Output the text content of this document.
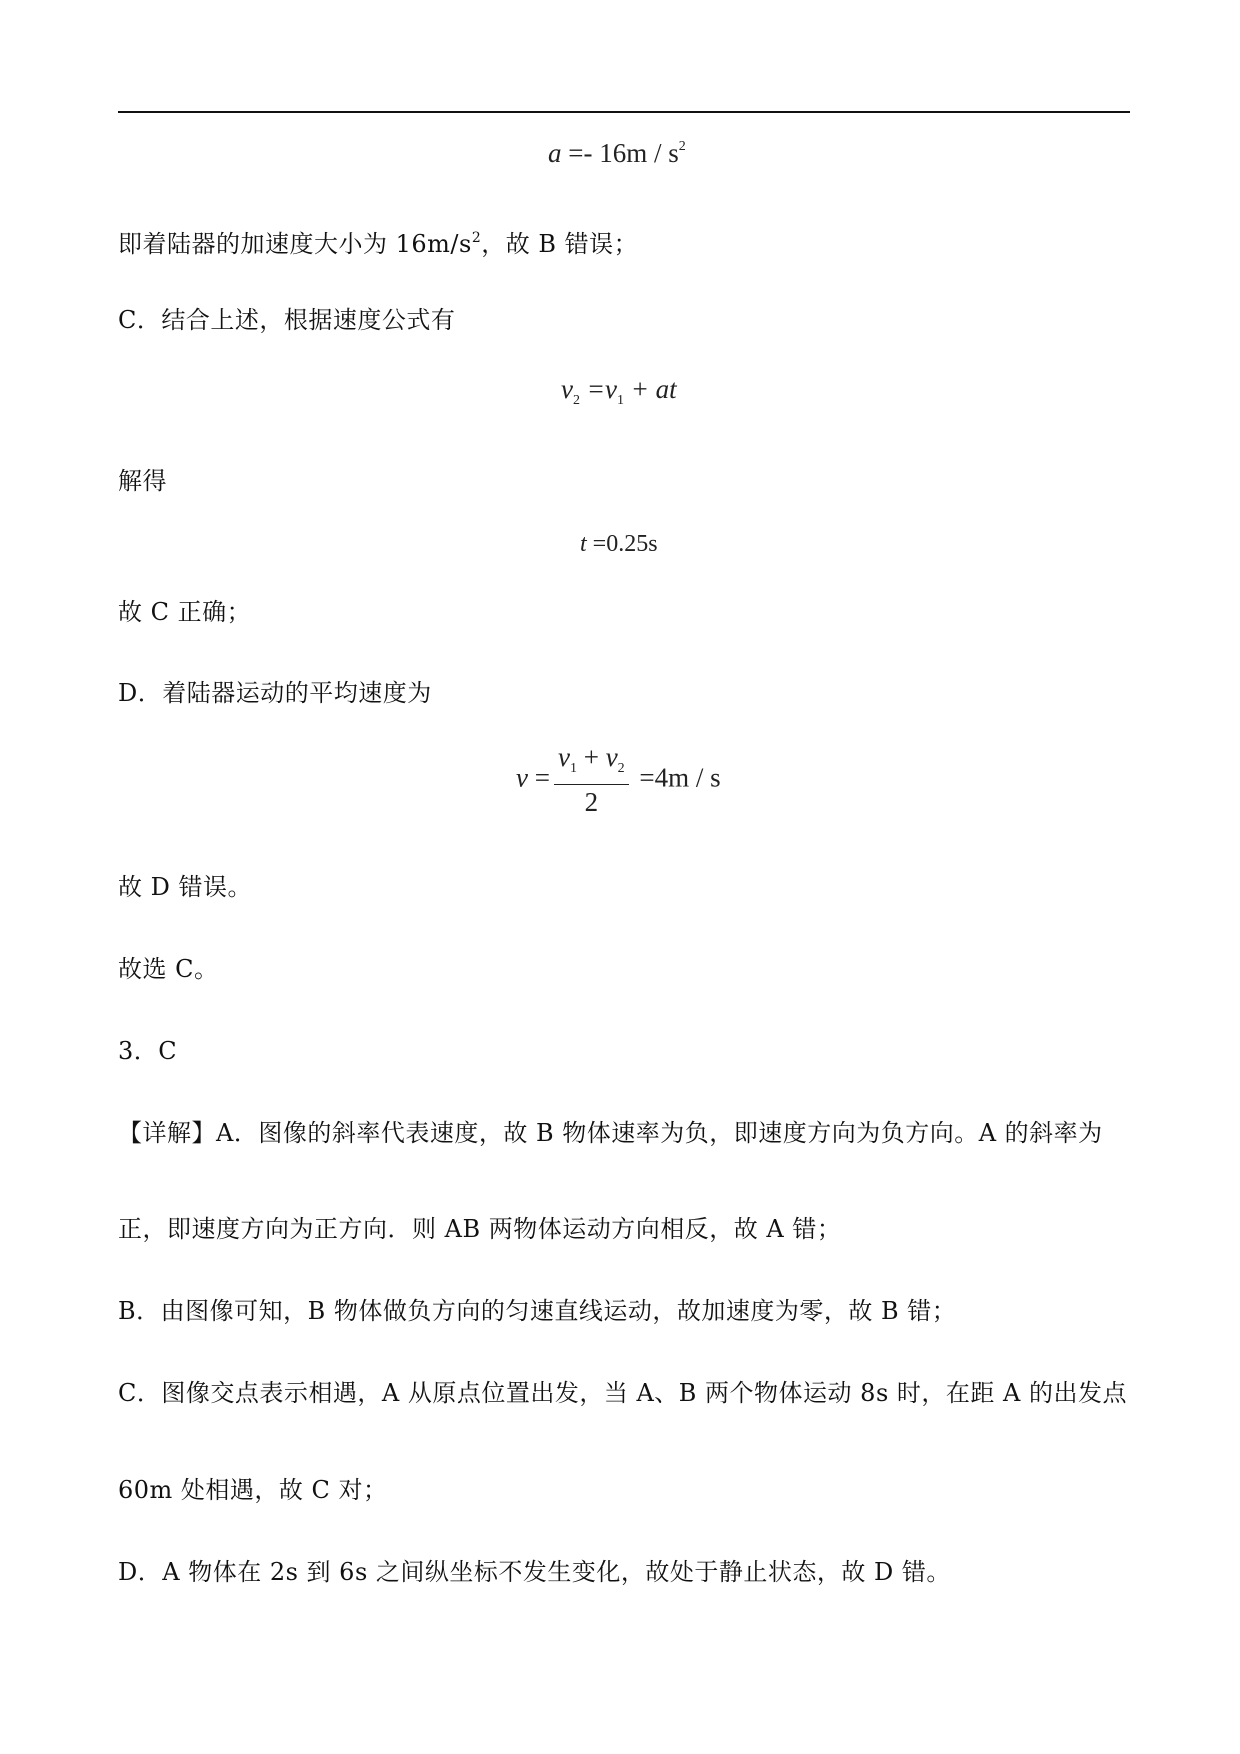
$a =- 16m / s^2$
即着陆器的加速度大小为 $16m/s^2$，故 B 错误；
C．结合上述，根据速度公式有
$v_2 =v_1$ + at
解得
t =0.25s
故 C 正确；
D．着陆器运动的平均速度为
$v = \frac{v_1 + v_2}{2} =4m / s$
故 D 错误。
故选 C。
3．C
【详解】A．图像的斜率代表速度，故 B 物体速率为负，即速度方向为负方向。A 的斜率为
正，即速度方向为正方向．则 AB 两物体运动方向相反，故 A 错；
B．由图像可知，B 物体做负方向的匀速直线运动，故加速度为零，故 B 错；
C．图像交点表示相遇，A 从原点位置出发，当 A、B 两个物体运动 8s 时，在距 A 的出发点
60m 处相遇，故 C 对；
D．A 物体在 2s 到 6s 之间纵坐标不发生变化，故处于静止状态，故 D 错。
